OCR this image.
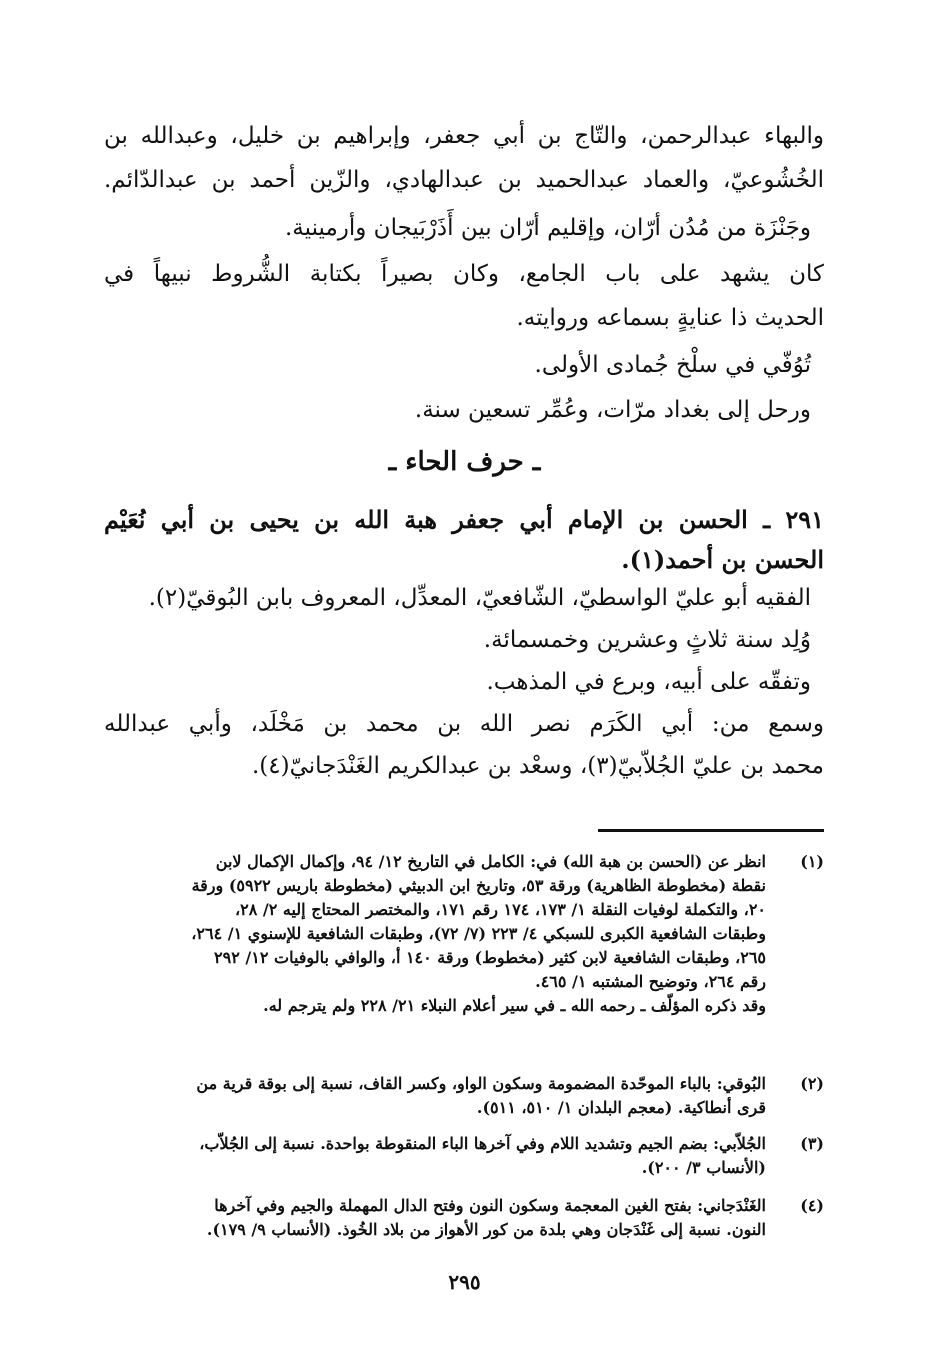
والبهاء عبدالرحمن، والتّاج بن أبي جعفر، وإبراهيم بن خليل، وعبدالله بن
الخُشُوعيّ، والعماد عبدالحميد بن عبدالهادي، والزّين أحمد بن عبدالدّائم.
وجَنْزَة من مُدُن أرّان، وإقليم أرّان بين أَذَرْبَيجان وأرمينية.
كان يشهد على باب الجامع، وكان بصيراً بكتابة الشُّروط نبيهاً في
الحديث ذا عنايةٍ بسماعه وروايته.
تُوُفّي في سلْخ جُمادى الأولى.
ورحل إلى بغداد مرّات، وعُمِّر تسعين سنة.
ـ حرف الحاء ـ
٢٩١ ـ الحسن بن الإمام أبي جعفر هبة الله بن يحيى بن أبي نُعَيْم
الحسن بن أحمد(١).
الفقيه أبو عليّ الواسطيّ، الشّافعيّ، المعدِّل، المعروف بابن البُوقيّ(٢).
وُلِد سنة ثلاثٍ وعشرين وخمسمائة.
وتفقّه على أبيه، وبرع في المذهب.
وسمع من: أبي الكَرَم نصر الله بن محمد بن مَخْلَد، وأبي عبدالله
محمد بن عليّ الجُلاّبيّ(٣)، وسعْد بن عبدالكريم الغَنْدَجانيّ(٤).
(١)
انظر عن (الحسن بن هبة الله) في: الكامل في التاريخ ١٢/ ٩٤، وإكمال الإكمال لابن
نقطة (مخطوطة الظاهرية) ورقة ٥٣، وتاريخ ابن الدبيثي (مخطوطة باريس ٥٩٢٢) ورقة
٢٠، والتكملة لوفيات النقلة ١/ ١٧٣، ١٧٤ رقم ١٧١، والمختصر المحتاج إليه ٢/ ٢٨،
وطبقات الشافعية الكبرى للسبكي ٤/ ٢٢٣ (٧/ ٧٢)، وطبقات الشافعية للإسنوي ١/ ٢٦٤،
٢٦٥، وطبقات الشافعية لابن كثير (مخطوط) ورقة ١٤٠ أ، والوافي بالوفيات ١٢/ ٢٩٢
رقم ٢٦٤، وتوضيح المشتبه ١/ ٤٦٥.
وقد ذكره المؤلّف ـ رحمه الله ـ في سير أعلام النبلاء ٢١/ ٢٢٨ ولم يترجم له.
(٢)
البُوقي: بالباء الموحّدة المضمومة وسكون الواو، وكسر القاف، نسبة إلى بوقة قرية من
قرى أنطاكية. (معجم البلدان ١/ ٥١٠، ٥١١).
(٣)
الجُلاّبي: بضم الجيم وتشديد اللام وفي آخرها الباء المنقوطة بواحدة. نسبة إلى الجُلاّب،
(الأنساب ٣/ ٢٠٠).
(٤)
الغَنْدَجاني: بفتح الغين المعجمة وسكون النون وفتح الدال المهملة والجيم وفي آخرها
النون. نسبة إلى غَنْدَجان وهي بلدة من كور الأهواز من بلاد الخُوذ. (الأنساب ٩/ ١٧٩).
٢٩٥
